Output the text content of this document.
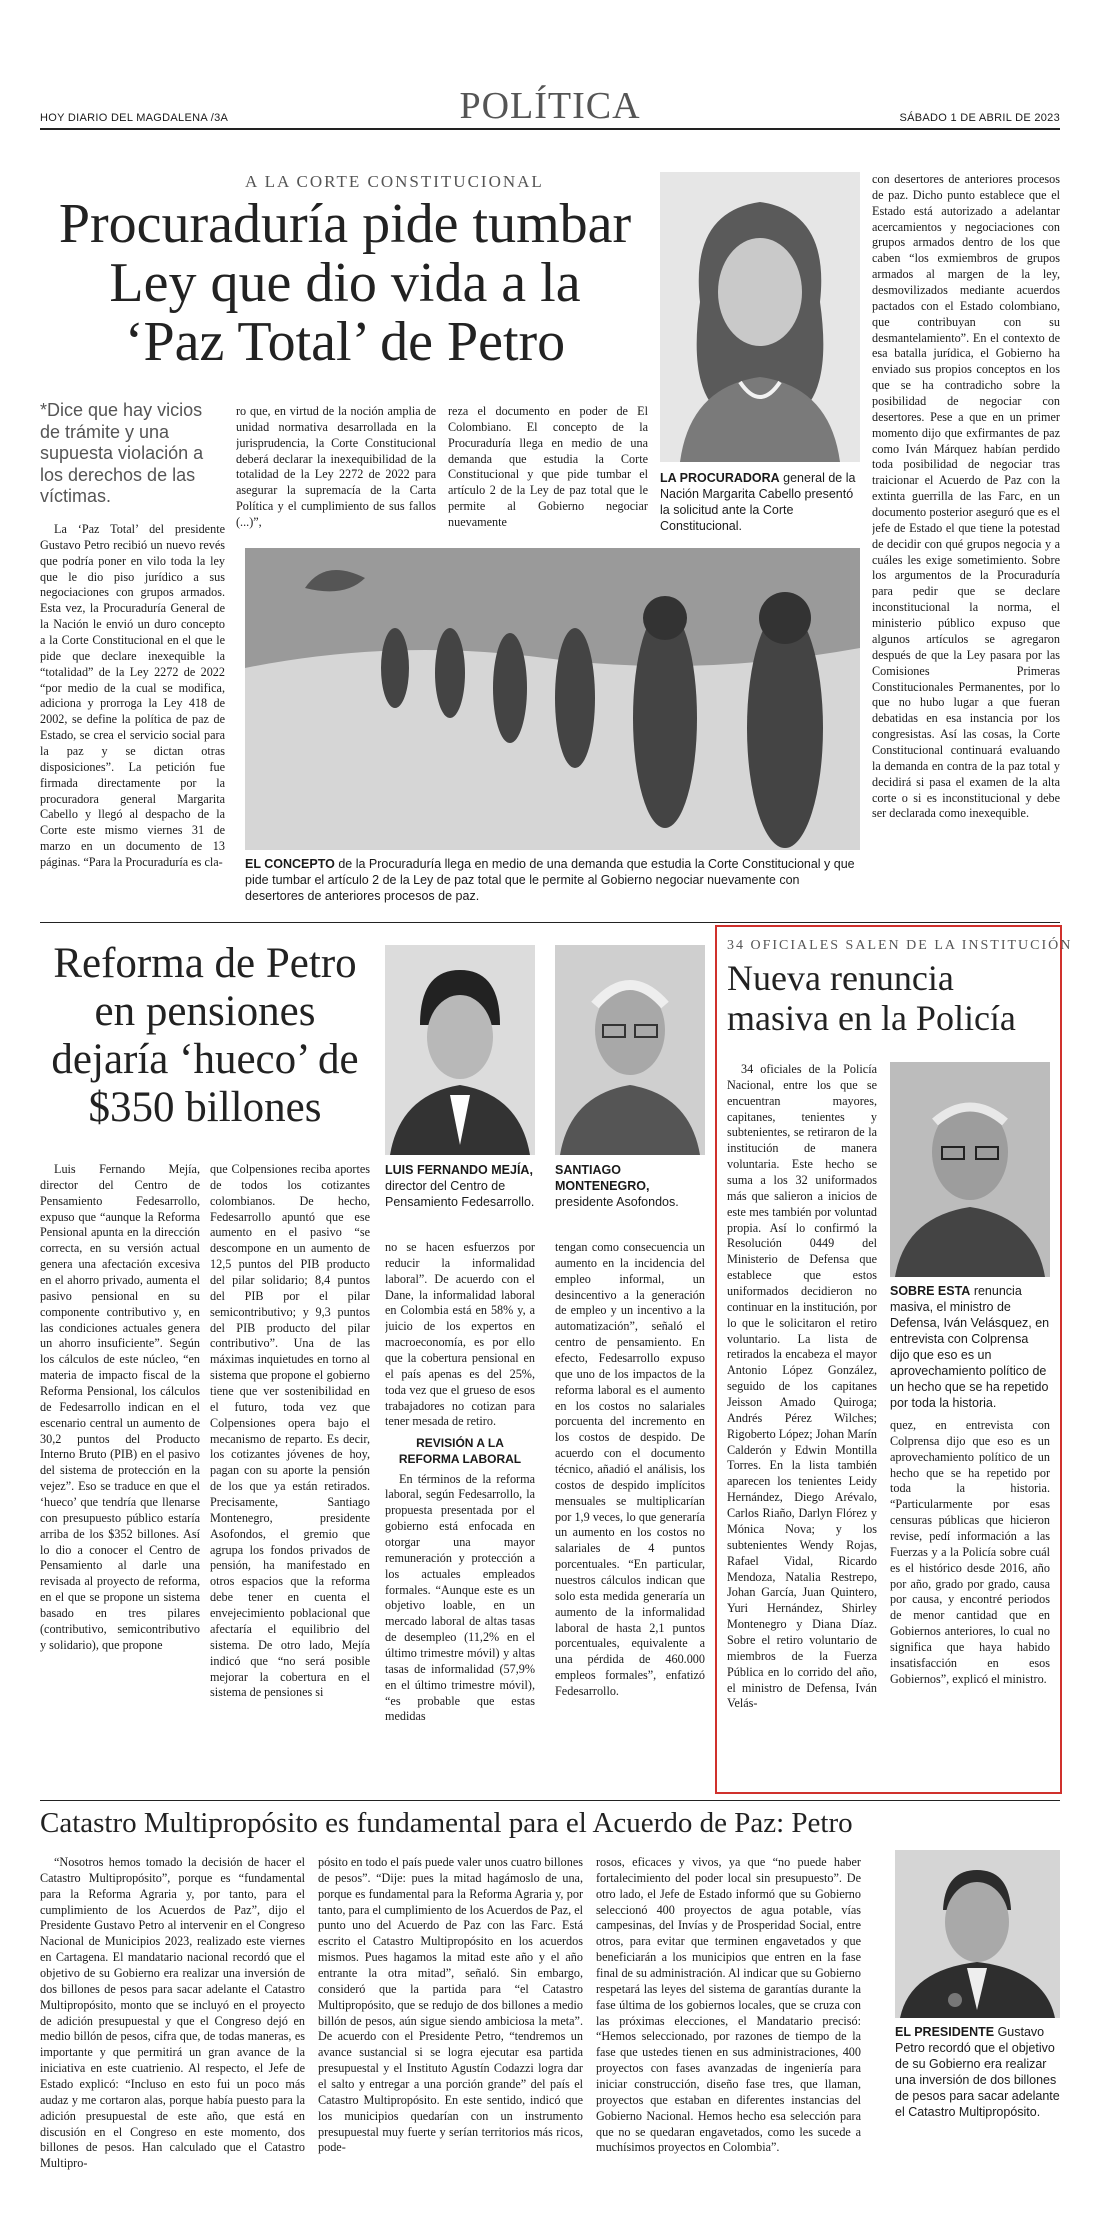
HOY DIARIO DEL MAGDALENA /3A	POLÍTICA	SÁBADO 1 DE ABRIL DE 2023
A LA CORTE CONSTITUCIONAL
Procuraduría pide tumbar
Ley que dio vida a la
‘Paz Total’ de Petro
*Dice que hay vicios de trámite y una supuesta violación a los derechos de las víctimas.

La ‘Paz Total’ del presidente Gustavo Petro recibió un nuevo revés que podría poner en vilo toda la ley que le dio piso jurídico a sus negociaciones con grupos armados. Esta vez, la Procuraduría General de la Nación le envió un duro concepto a la Corte Constitucional en el que le pide que declare inexequible la “totalidad” de la Ley 2272 de 2022 “por medio de la cual se modifica, adiciona y prorroga la Ley 418 de 2002, se define la política de paz de Estado, se crea el servicio social para la paz y se dictan otras disposiciones”. La petición fue firmada directamente por la procuradora general Margarita Cabello y llegó al despacho de la Corte este mismo viernes 31 de marzo en un documento de 13 páginas. “Para la Procuraduría es cla-

ro que, en virtud de la noción amplia de unidad normativa desarrollada en la jurisprudencia, la Corte Constitucional deberá declarar la inexequibilidad de la totalidad de la Ley 2272 de 2022 para asegurar la supremacía de la Carta Política y el cumplimiento de sus fallos (...)”,

reza el documento en poder de El Colombiano. El concepto de la Procuraduría llega en medio de una demanda que estudia la Corte Constitucional y que pide tumbar el artículo 2 de la Ley de paz total que le permite al Gobierno negociar nuevamente

LA PROCURADORA general de la Nación Margarita Cabello presentó la solicitud ante la Corte Constitucional.

con desertores de anteriores procesos de paz. Dicho punto establece que el Estado está autorizado a adelantar acercamientos y negociaciones con grupos armados dentro de los que caben “los exmiembros de grupos armados al margen de la ley, desmovilizados mediante acuerdos pactados con el Estado colombiano, que contribuyan con su desmantelamiento”. En el contexto de esa batalla jurídica, el Gobierno ha enviado sus propios conceptos en los que se ha contradicho sobre la posibilidad de negociar con desertores. Pese a que en un primer momento dijo que exfirmantes de paz como Iván Márquez habían perdido toda posibilidad de negociar tras traicionar el Acuerdo de Paz con la extinta guerrilla de las Farc, en un documento posterior aseguró que es el jefe de Estado el que tiene la potestad de decidir con qué grupos negocia y a cuáles les exige sometimiento. Sobre los argumentos de la Procuraduría para pedir que se declare inconstitucional la norma, el ministerio público expuso que algunos artículos se agregaron después de que la Ley pasara por las Comisiones Primeras Constitucionales Permanentes, por lo que no hubo lugar a que fueran debatidas en esa instancia por los congresistas. Así las cosas, la Corte Constitucional continuará evaluando la demanda en contra de la paz total y decidirá si pasa el examen de la alta corte o si es inconstitucional y debe ser declarada como inexequible.

EL CONCEPTO de la Procuraduría llega en medio de una demanda que estudia la Corte Constitucional y que pide tumbar el artículo 2 de la Ley de paz total que le permite al Gobierno negociar nuevamente con desertores de anteriores procesos de paz.
Reforma de Petro
en pensiones
dejaría ‘hueco’ de
$350 billones

Luis Fernando Mejía, director del Centro de Pensamiento Fedesarrollo, expuso que “aunque la Reforma Pensional apunta en la dirección correcta, en su versión actual genera una afectación excesiva en el ahorro privado, aumenta el pasivo pensional en su componente contributivo y, en las condiciones actuales genera un ahorro insuficiente”. Según los cálculos de este núcleo, “en materia de impacto fiscal de la Reforma Pensional, los cálculos de Fedesarrollo indican en el escenario central un aumento de 30,2 puntos del Producto Interno Bruto (PIB) en el pasivo del sistema de protección en la vejez”. Eso se traduce en que el ‘hueco’ que tendría que llenarse con presupuesto público estaría arriba de los $352 billones. Así lo dio a conocer el Centro de Pensamiento al darle una revisada al proyecto de reforma, en el que se propone un sistema basado en tres pilares (contributivo, semicontributivo y solidario), que propone

que Colpensiones reciba aportes de todos los cotizantes colombianos. De hecho, Fedesarrollo apuntó que ese aumento en el pasivo “se descompone en un aumento de 12,5 puntos del PIB producto del pilar solidario; 8,4 puntos del PIB por el pilar semicontributivo; y 9,3 puntos del PIB producto del pilar contributivo”. Una de las máximas inquietudes en torno al sistema que propone el gobierno tiene que ver sostenibilidad en el futuro, toda vez que Colpensiones opera bajo el mecanismo de reparto. Es decir, los cotizantes jóvenes de hoy, pagan con su aporte la pensión de los que ya están retirados. Precisamente, Santiago Montenegro, presidente Asofondos, el gremio que agrupa los fondos privados de pensión, ha manifestado en otros espacios que la reforma debe tener en cuenta el envejecimiento poblacional que afectaría el equilibrio del sistema. De otro lado, Mejía indicó que “no será posible mejorar la cobertura en el sistema de pensiones si

LUIS FERNANDO MEJÍA, director del Centro de Pensamiento Fedesarrollo.
SANTIAGO MONTENEGRO, presidente Asofondos.

no se hacen esfuerzos por reducir la informalidad laboral”. De acuerdo con el Dane, la informalidad laboral en Colombia está en 58% y, a juicio de los expertos en macroeconomía, es por ello que la cobertura pensional en el país apenas es del 25%, toda vez que el grueso de esos trabajadores no cotizan para tener mesada de retiro.

REVISIÓN A LA REFORMA LABORAL

En términos de la reforma laboral, según Fedesarrollo, la propuesta presentada por el gobierno está enfocada en otorgar una mayor remuneración y protección a los actuales empleados formales. “Aunque este es un objetivo loable, en un mercado laboral de altas tasas de desempleo (11,2% en el último trimestre móvil) y altas tasas de informalidad (57,9% en el último trimestre móvil), “es probable que estas medidas

tengan como consecuencia un aumento en la incidencia del empleo informal, un desincentivo a la generación de empleo y un incentivo a la automatización”, señaló el centro de pensamiento. En efecto, Fedesarrollo expuso que uno de los impactos de la reforma laboral es el aumento en los costos no salariales porcuenta del incremento en los costos de despido. De acuerdo con el documento técnico, añadió el análisis, los costos de despido implícitos mensuales se multiplicarían por 1,9 veces, lo que generaría un aumento en los costos no salariales de 4 puntos porcentuales. “En particular, nuestros cálculos indican que solo esta medida generaría un aumento de la informalidad laboral de hasta 2,1 puntos porcentuales, equivalente a una pérdida de 460.000 empleos formales”, enfatizó Fedesarrollo.

34 OFICIALES SALEN DE LA INSTITUCIÓN
Nueva renuncia
masiva en la Policía

34 oficiales de la Policía Nacional, entre los que se encuentran mayores, capitanes, tenientes y subtenientes, se retiraron de la institución de manera voluntaria. Este hecho se suma a los 32 uniformados más que salieron a inicios de este mes también por voluntad propia. Así lo confirmó la Resolución 0449 del Ministerio de Defensa que establece que estos uniformados decidieron no continuar en la institución, por lo que le solicitaron el retiro voluntario. La lista de retirados la encabeza el mayor Antonio López González, seguido de los capitanes Jeisson Amado Quiroga; Andrés Pérez Wilches; Rigoberto López; Johan Marín Calderón y Edwin Montilla Torres. En la lista también aparecen los tenientes Leidy Hernández, Diego Arévalo, Carlos Riaño, Darlyn Flórez y Mónica Nova; y los subtenientes Wendy Rojas, Rafael Vidal, Ricardo Mendoza, Natalia Restrepo, Johan García, Juan Quintero, Yuri Hernández, Shirley Montenegro y Diana Díaz. Sobre el retiro voluntario de miembros de la Fuerza Pública en lo corrido del año, el ministro de Defensa, Iván Velás-

SOBRE ESTA renuncia masiva, el ministro de Defensa, Iván Velásquez, en entrevista con Colprensa dijo que eso es un aprovechamiento político de un hecho que se ha repetido por toda la historia.

quez, en entrevista con Colprensa dijo que eso es un aprovechamiento político de un hecho que se ha repetido por toda la historia. “Particularmente por esas censuras públicas que hicieron revise, pedí información a las Fuerzas y a la Policía sobre cuál es el histórico desde 2016, año por año, grado por grado, causa por causa, y encontré periodos de menor cantidad que en Gobiernos anteriores, lo cual no significa que haya habido insatisfacción en esos Gobiernos”, explicó el ministro.

Catastro Multipropósito es fundamental para el Acuerdo de Paz: Petro

“Nosotros hemos tomado la decisión de hacer el Catastro Multipropósito”, porque es “fundamental para la Reforma Agraria y, por tanto, para el cumplimiento de los Acuerdos de Paz”, dijo el Presidente Gustavo Petro al intervenir en el Congreso Nacional de Municipios 2023, realizado este viernes en Cartagena. El mandatario nacional recordó que el objetivo de su Gobierno era realizar una inversión de dos billones de pesos para sacar adelante el Catastro Multipropósito, monto que se incluyó en el proyecto de adición presupuestal y que el Congreso dejó en medio billón de pesos, cifra que, de todas maneras, es importante y que permitirá un gran avance de la iniciativa en este cuatrienio. Al respecto, el Jefe de Estado explicó: “Incluso en esto fui un poco más audaz y me cortaron alas, porque había puesto para la adición presupuestal de este año, que está en discusión en el Congreso en este momento, dos billones de pesos. Han calculado que el Catastro Multipro-

pósito en todo el país puede valer unos cuatro billones de pesos”. “Dije: pues la mitad hagámoslo de una, porque es fundamental para la Reforma Agraria y, por tanto, para el cumplimiento de los Acuerdos de Paz, el punto uno del Acuerdo de Paz con las Farc. Está escrito el Catastro Multipropósito en los acuerdos mismos. Pues hagamos la mitad este año y el año entrante la otra mitad”, señaló. Sin embargo, consideró que la partida para “el Catastro Multipropósito, que se redujo de dos billones a medio billón de pesos, aún sigue siendo ambiciosa la meta”. De acuerdo con el Presidente Petro, “tendremos un avance sustancial si se logra ejecutar esa partida presupuestal y el Instituto Agustín Codazzi logra dar el salto y entregar a una porción grande” del país el Catastro Multipropósito. En este sentido, indicó que los municipios quedarían con un instrumento presupuestal muy fuerte y serían territorios más ricos, pode-

rosos, eficaces y vivos, ya que “no puede haber fortalecimiento del poder local sin presupuesto”. De otro lado, el Jefe de Estado informó que su Gobierno seleccionó 400 proyectos de agua potable, vías campesinas, del Invías y de Prosperidad Social, entre otros, para evitar que terminen engavetados y que beneficiarán a los municipios que entren en la fase final de su administración. Al indicar que su Gobierno respetará las leyes del sistema de garantías durante la fase última de los gobiernos locales, que se cruza con las próximas elecciones, el Mandatario precisó: “Hemos seleccionado, por razones de tiempo de la fase que ustedes tienen en sus administraciones, 400 proyectos con fases avanzadas de ingeniería para iniciar construcción, diseño fase tres, que llaman, proyectos que estaban en diferentes instancias del Gobierno Nacional. Hemos hecho esa selección para que no se quedaran engavetados, como les sucede a muchísimos proyectos en Colombia”.

EL PRESIDENTE Gustavo Petro recordó que el objetivo de su Gobierno era realizar una inversión de dos billones de pesos para sacar adelante el Catastro Multipropósito.
